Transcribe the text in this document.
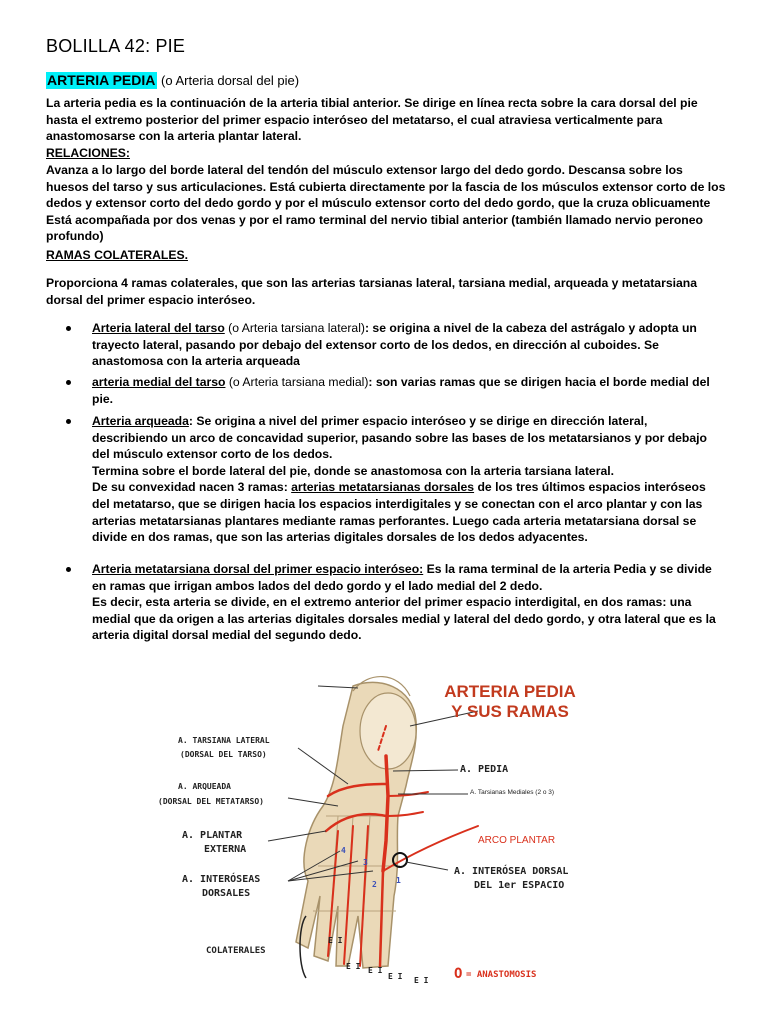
BOLILLA 42: PIE
ARTERIA PEDIA (o Arteria dorsal del pie)

La arteria pedia es la continuación de la arteria tibial anterior. Se dirige en línea recta sobre la cara dorsal del pie hasta el extremo posterior del primer espacio interóseo del metatarso, el cual atraviesa verticalmente para anastomosarse con la arteria plantar lateral.

RELACIONES:

Avanza a lo largo del borde lateral del tendón del músculo extensor largo del dedo gordo. Descansa sobre los huesos del tarso y sus articulaciones. Está cubierta directamente por la fascia de los músculos extensor corto de los dedos y extensor corto del dedo gordo y por el músculo extensor corto del dedo gordo, que la cruza oblicuamente Está acompañada por dos venas y por el ramo terminal del nervio tibial anterior (también llamado nervio peroneo profundo)

RAMAS COLATERALES.

Proporciona 4 ramas colaterales, que son las arterias tarsianas lateral, tarsiana medial, arqueada y metatarsiana dorsal del primer espacio interóseo.

Arteria lateral del tarso (o Arteria tarsiana lateral): se origina a nivel de la cabeza del astrágalo y adopta un trayecto lateral, pasando por debajo del extensor corto de los dedos, en dirección al cuboides. Se anastomosa con la arteria arqueada
arteria medial del tarso (o Arteria tarsiana medial): son varias ramas que se dirigen hacia el borde medial del pie.
Arteria arqueada: Se origina a nivel del primer espacio interóseo y se dirige en dirección lateral, describiendo un arco de concavidad superior, pasando sobre las bases de los metatarsianos y por debajo del músculo extensor corto de los dedos.
Termina sobre el borde lateral del pie, donde se anastomosa con la arteria tarsiana lateral.
De su convexidad nacen 3 ramas: arterias metatarsianas dorsales de los tres últimos espacios interóseos del metatarso, que se dirigen hacia los espacios interdigitales y se conectan con el arco plantar y con las arterias metatarsianas plantares mediante ramas perforantes. Luego cada arteria metatarsiana dorsal se divide en dos ramas, que son las arterias digitales dorsales de los dedos adyacentes.
Arteria metatarsiana dorsal del primer espacio interóseo: Es la rama terminal de la arteria Pedia y se divide en ramas que irrigan ambos lados del dedo gordo y el lado medial del 2 dedo.
Es decir, esta arteria se divide, en el extremo anterior del primer espacio interdigital, en dos ramas: una medial que da origen a las arterias digitales dorsales medial y lateral del dedo gordo, y otra lateral que es la arteria digital dorsal medial del segundo dedo.
ARTERIA PEDIA
Y SUS RAMAS
A. TARSIANA LATERAL
(DORSAL DEL TARSO)
A. ARQUEADA
(DORSAL DEL METATARSO)
A. PLANTAR
EXTERNA
A. INTERÓSEAS
DORSALES
COLATERALES
A. PEDIA
A. Tarsianas Mediales (2 o 3)
ARCO PLANTAR
A. INTERÓSEA DORSAL
DEL 1er ESPACIO
O = ANASTOMOSIS
4
3
2 1
E I
E I E I
E I E I
